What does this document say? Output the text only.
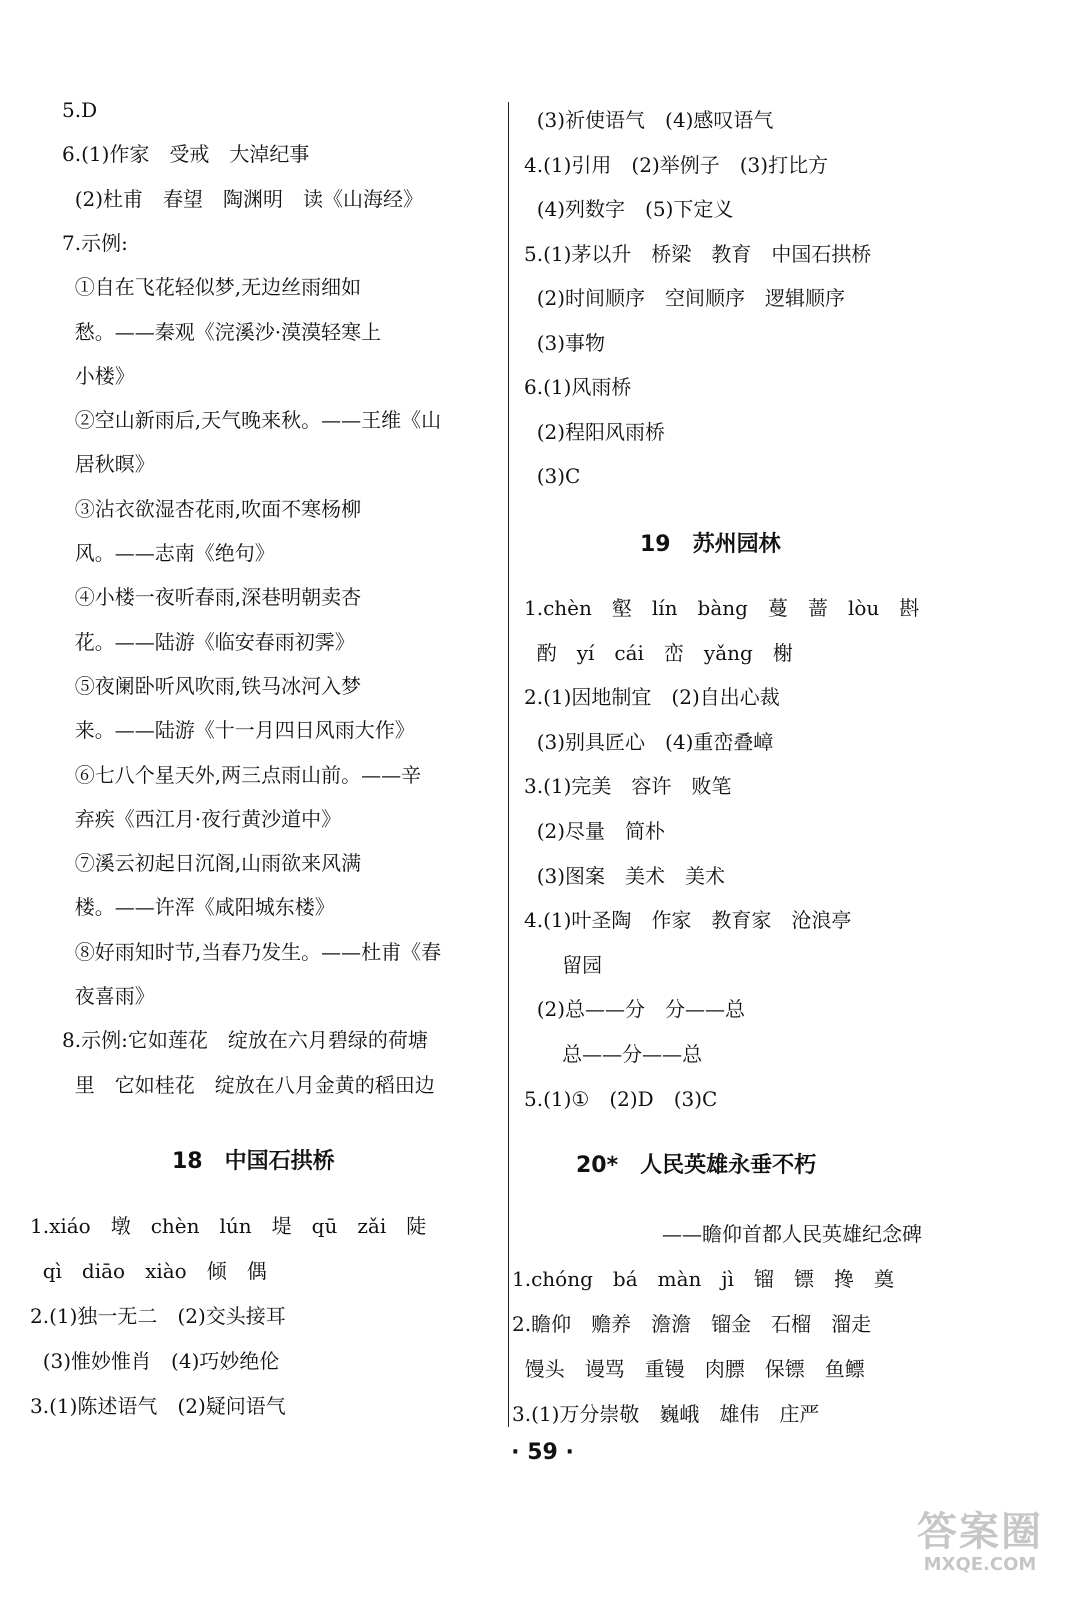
5.D
6.(1)作家　受戒　大淖纪事
(2)杜甫　春望　陶渊明　读《山海经》
7.示例:
①自在飞花轻似梦,无边丝雨细如
愁。——秦观《浣溪沙·漠漠轻寒上
小楼》
②空山新雨后,天气晚来秋。——王维《山
居秋暝》
③沾衣欲湿杏花雨,吹面不寒杨柳
风。——志南《绝句》
④小楼一夜听春雨,深巷明朝卖杏
花。——陆游《临安春雨初霁》
⑤夜阑卧听风吹雨,铁马冰河入梦
来。——陆游《十一月四日风雨大作》
⑥七八个星天外,两三点雨山前。——辛
弃疾《西江月·夜行黄沙道中》
⑦溪云初起日沉阁,山雨欲来风满
楼。——许浑《咸阳城东楼》
⑧好雨知时节,当春乃发生。——杜甫《春
夜喜雨》
8.示例:它如莲花　绽放在六月碧绿的荷塘
里　它如桂花　绽放在八月金黄的稻田边
18　中国石拱桥
1.xiáo　墩　chèn　lún　堤　qū　zǎi　陡
qì　diāo　xiào　倾　偶
2.(1)独一无二　(2)交头接耳
(3)惟妙惟肖　(4)巧妙绝伦
3.(1)陈述语气　(2)疑问语气
(3)祈使语气　(4)感叹语气
4.(1)引用　(2)举例子　(3)打比方
(4)列数字　(5)下定义
5.(1)茅以升　桥梁　教育　中国石拱桥
(2)时间顺序　空间顺序　逻辑顺序
(3)事物
6.(1)风雨桥
(2)程阳风雨桥
(3)C
19　苏州园林
1.chèn　壑　lín　bàng　蔓　蔷　lòu　斟
酌　yí　cái　峦　yǎng　榭
2.(1)因地制宜　(2)自出心裁
(3)别具匠心　(4)重峦叠嶂
3.(1)完美　容许　败笔
(2)尽量　简朴
(3)图案　美术　美术
4.(1)叶圣陶　作家　教育家　沧浪亭
留园
(2)总——分　分——总
总——分——总
5.(1)①　(2)D　(3)C
20*　人民英雄永垂不朽
——瞻仰首都人民英雄纪念碑
1.chóng　bá　màn　jì　镏　镖　搀　奠
2.瞻仰　赡养　澹澹　镏金　石榴　溜走
馒头　谩骂　重镘　肉膘　保镖　鱼鳔
3.(1)万分崇敬　巍峨　雄伟　庄严
· 59 ·
答案圈
MXQE.COM
